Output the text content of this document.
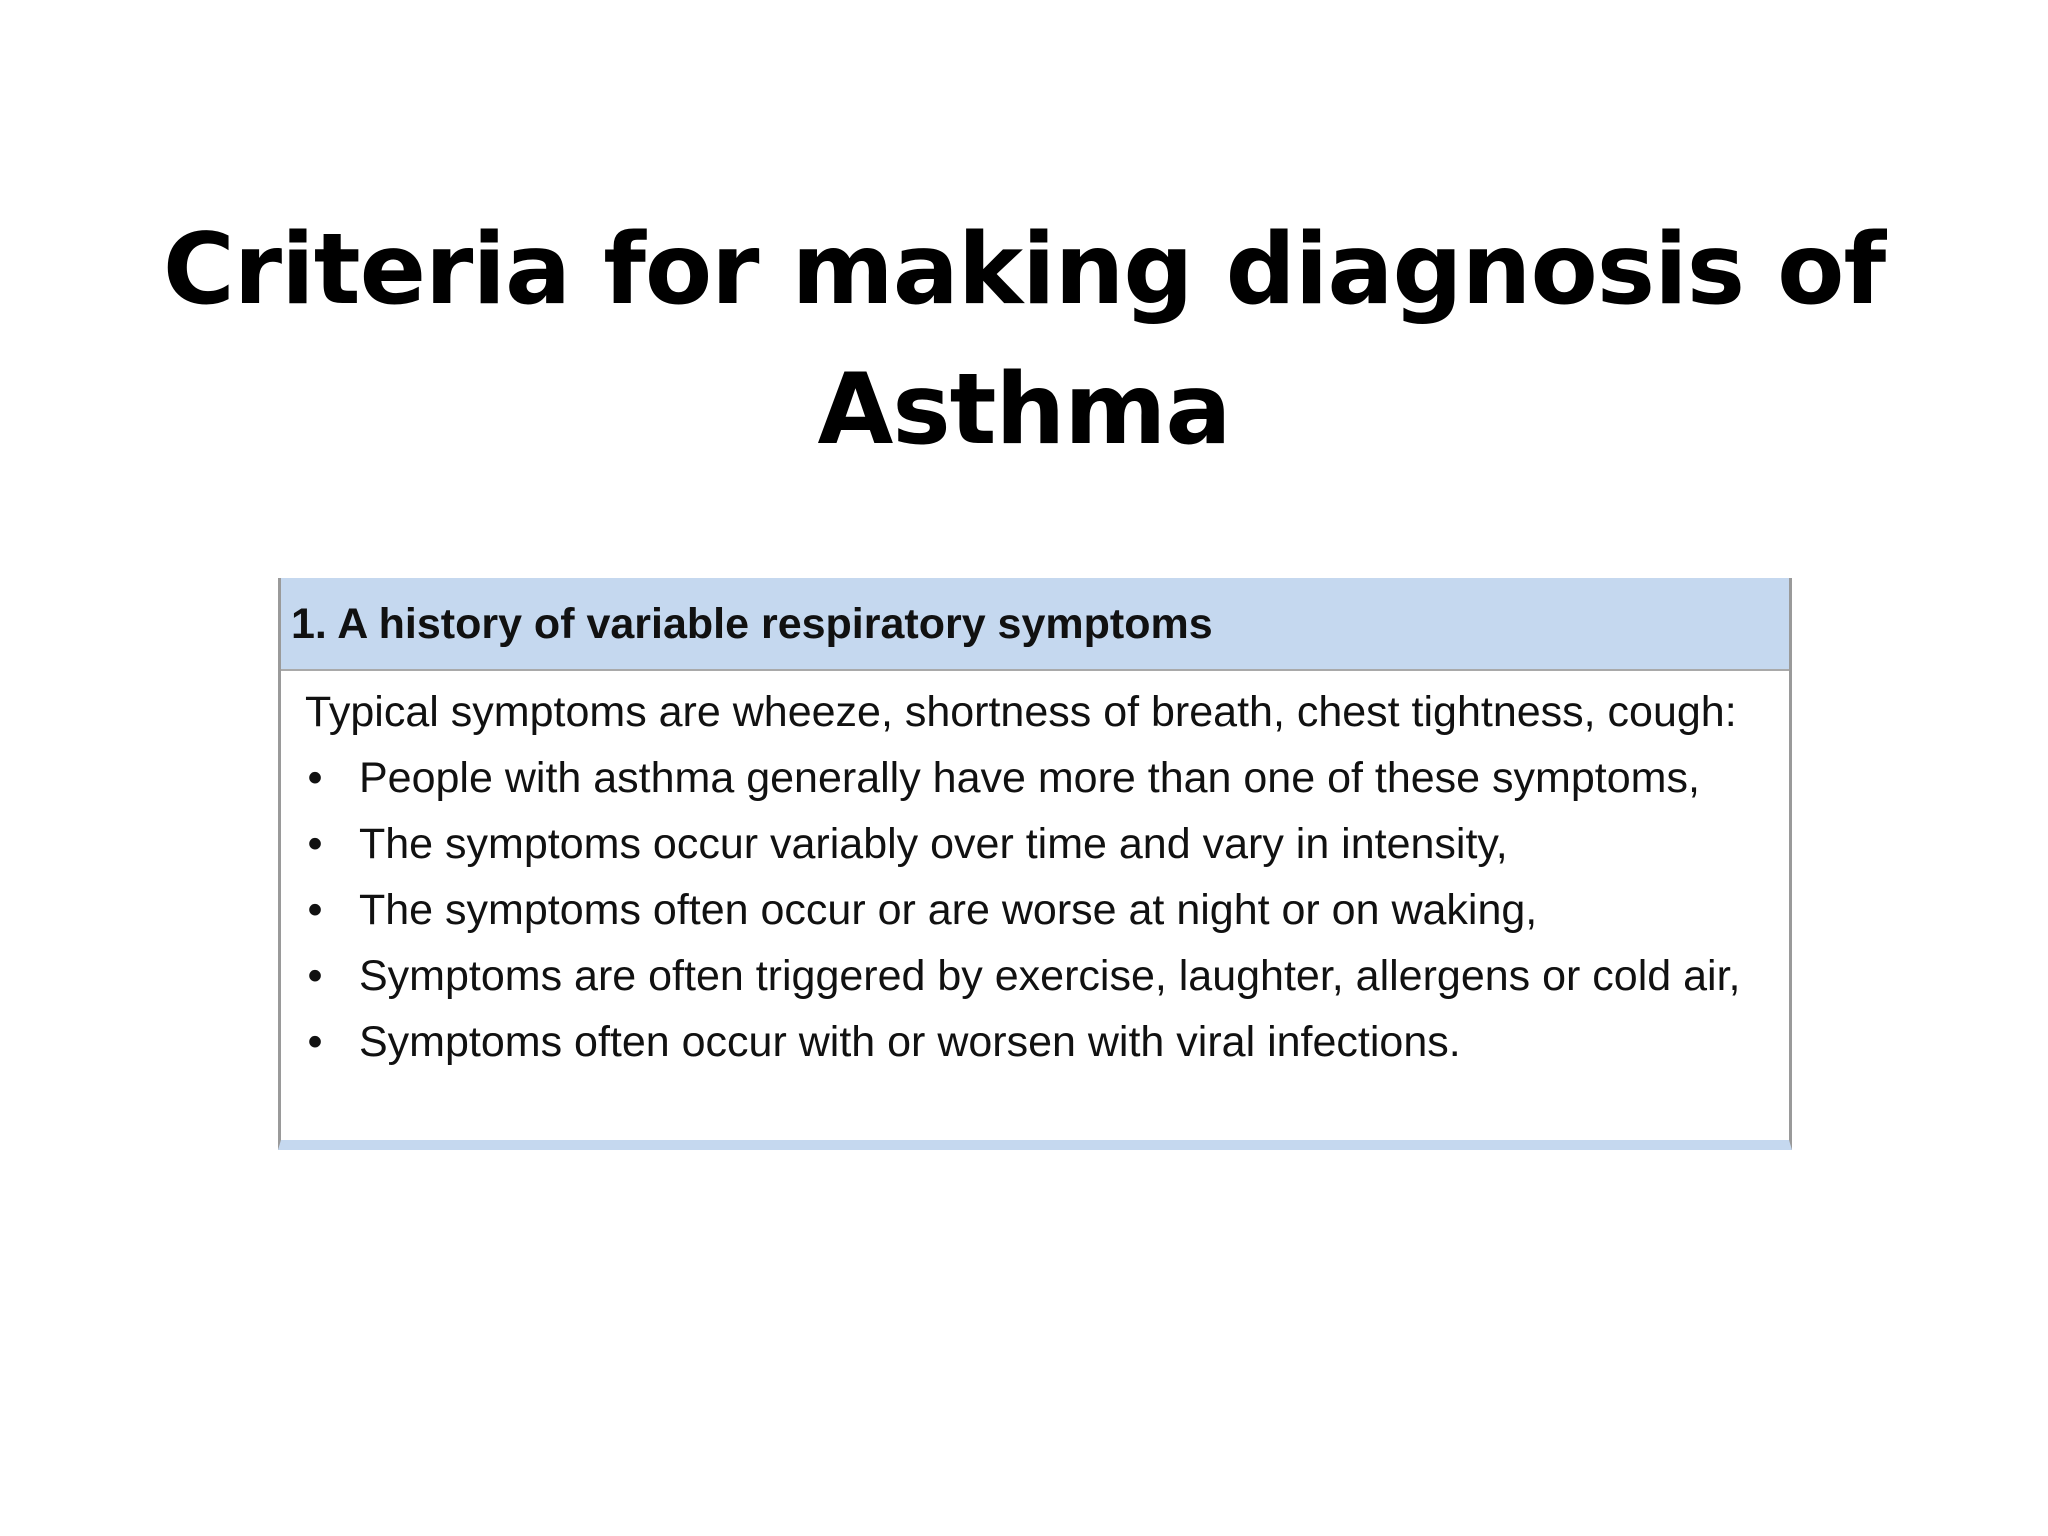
Criteria for making diagnosis of
Asthma
1. A history of variable respiratory symptoms
Typical symptoms are wheeze, shortness of breath, chest tightness, cough:
• People with asthma generally have more than one of these symptoms,
• The symptoms occur variably over time and vary in intensity,
• The symptoms often occur or are worse at night or on waking,
• Symptoms are often triggered by exercise, laughter, allergens or cold air,
• Symptoms often occur with or worsen with viral infections.
